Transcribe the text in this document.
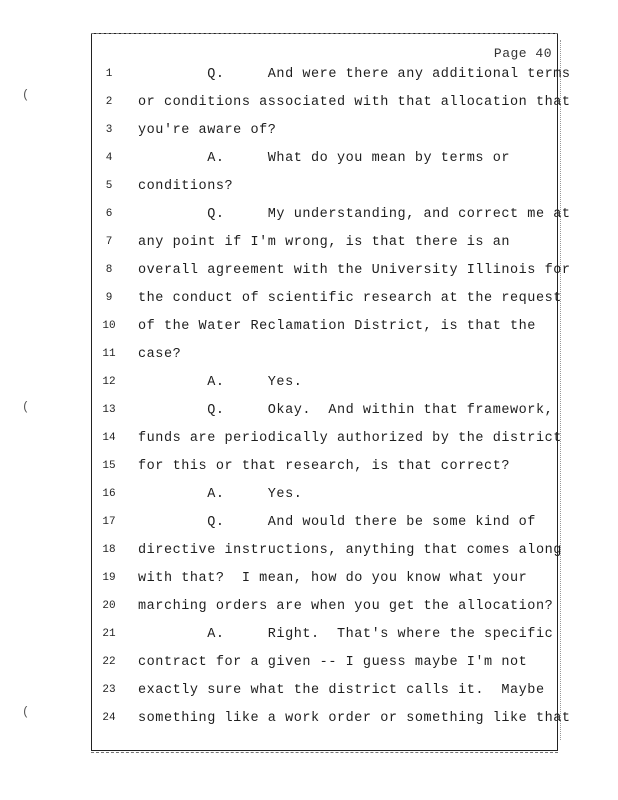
Page 40
(
(
(
1	Q.     And were there any additional terms
2	or conditions associated with that allocation that
3	you're aware of?
4	A.     What do you mean by terms or
5	conditions?
6	Q.     My understanding, and correct me at
7	any point if I'm wrong, is that there is an
8	overall agreement with the University Illinois for
9	the conduct of scientific research at the request
10 of the Water Reclamation District, is that the
11 case?
12 A.     Yes.
13 Q.     Okay.  And within that framework,
14 funds are periodically authorized by the district
15 for this or that research, is that correct?
16 A.     Yes.
17 Q.     And would there be some kind of
18 directive instructions, anything that comes along
19 with that?  I mean, how do you know what your
20 marching orders are when you get the allocation?
21 A.     Right.  That's where the specific
22 contract for a given -- I guess maybe I'm not
23 exactly sure what the district calls it.  Maybe
24 something like a work order or something like that
